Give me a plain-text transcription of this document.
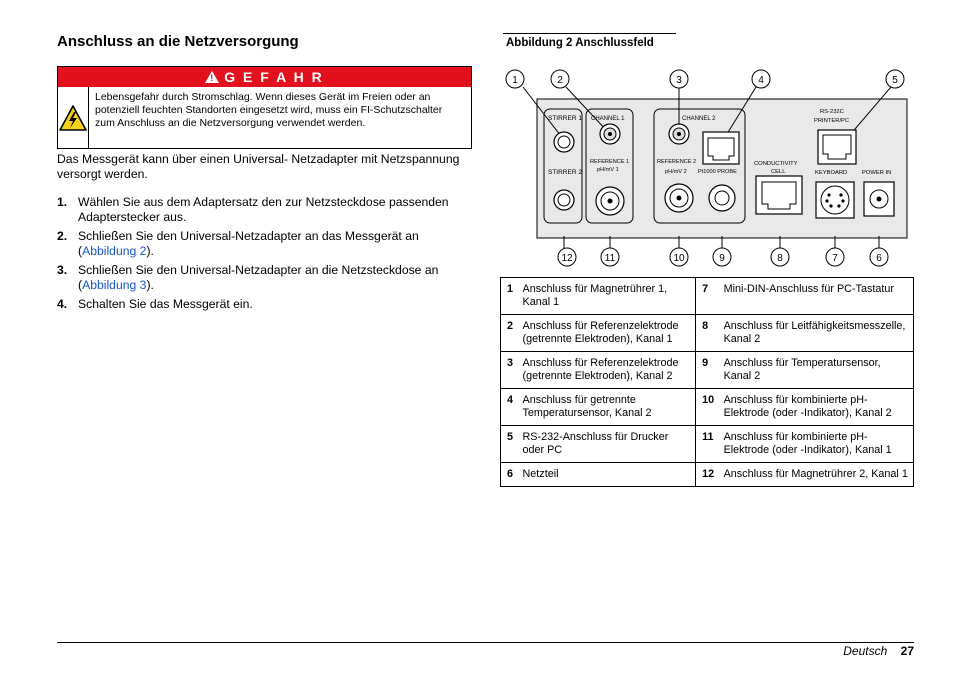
Anschluss an die Netzversorgung
! G E F A H R
Lebensgefahr durch Stromschlag. Wenn dieses Gerät im Freien oder an potenziell feuchten Standorten eingesetzt wird, muss ein FI-Schutzschalter zum Anschluss an die Netzversorgung verwendet werden.
Das Messgerät kann über einen Universal- Netzadapter mit Netzspannung versorgt werden.
1. Wählen Sie aus dem Adaptersatz den zur Netzsteckdose passenden Adapterstecker aus.
2. Schließen Sie den Universal-Netzadapter an das Messgerät an (Abbildung 2).
3. Schließen Sie den Universal-Netzadapter an die Netzsteckdose an (Abbildung 3).
4. Schalten Sie das Messgerät ein.
Abbildung 2 Anschlussfeld
STIRRER 1
STIRRER 2
CHANNEL 1
REFERENCE 1
pH/mV 1
CHANNEL 2
REFERENCE 2
pH/mV 2 Pt1000 PROBE
CONDUCTIVITY
CELL
RS-232C
PRINTER/PC
KEYBOARD	POWER IN
1	2	3	4	5
12	11	10	9	8	7	6
1	Anschluss für Magnetrührer 1, Kanal 1	7	Mini-DIN-Anschluss für PC-Tastatur
2	Anschluss für Referenzelektrode (getrennte Elektroden), Kanal 1	8	Anschluss für Leitfähigkeitsmesszelle, Kanal 2
3	Anschluss für Referenzelektrode (getrennte Elektroden), Kanal 2	9	Anschluss für Temperatursensor, Kanal 2
4	Anschluss für getrennte Temperatursensor, Kanal 2	10	Anschluss für kombinierte pH-Elektrode (oder -Indikator), Kanal 2
5	RS-232-Anschluss für Drucker oder PC	11	Anschluss für kombinierte pH-Elektrode (oder -Indikator), Kanal 1
6	Netzteil	12	Anschluss für Magnetrührer 2, Kanal 1
Deutsch 27
